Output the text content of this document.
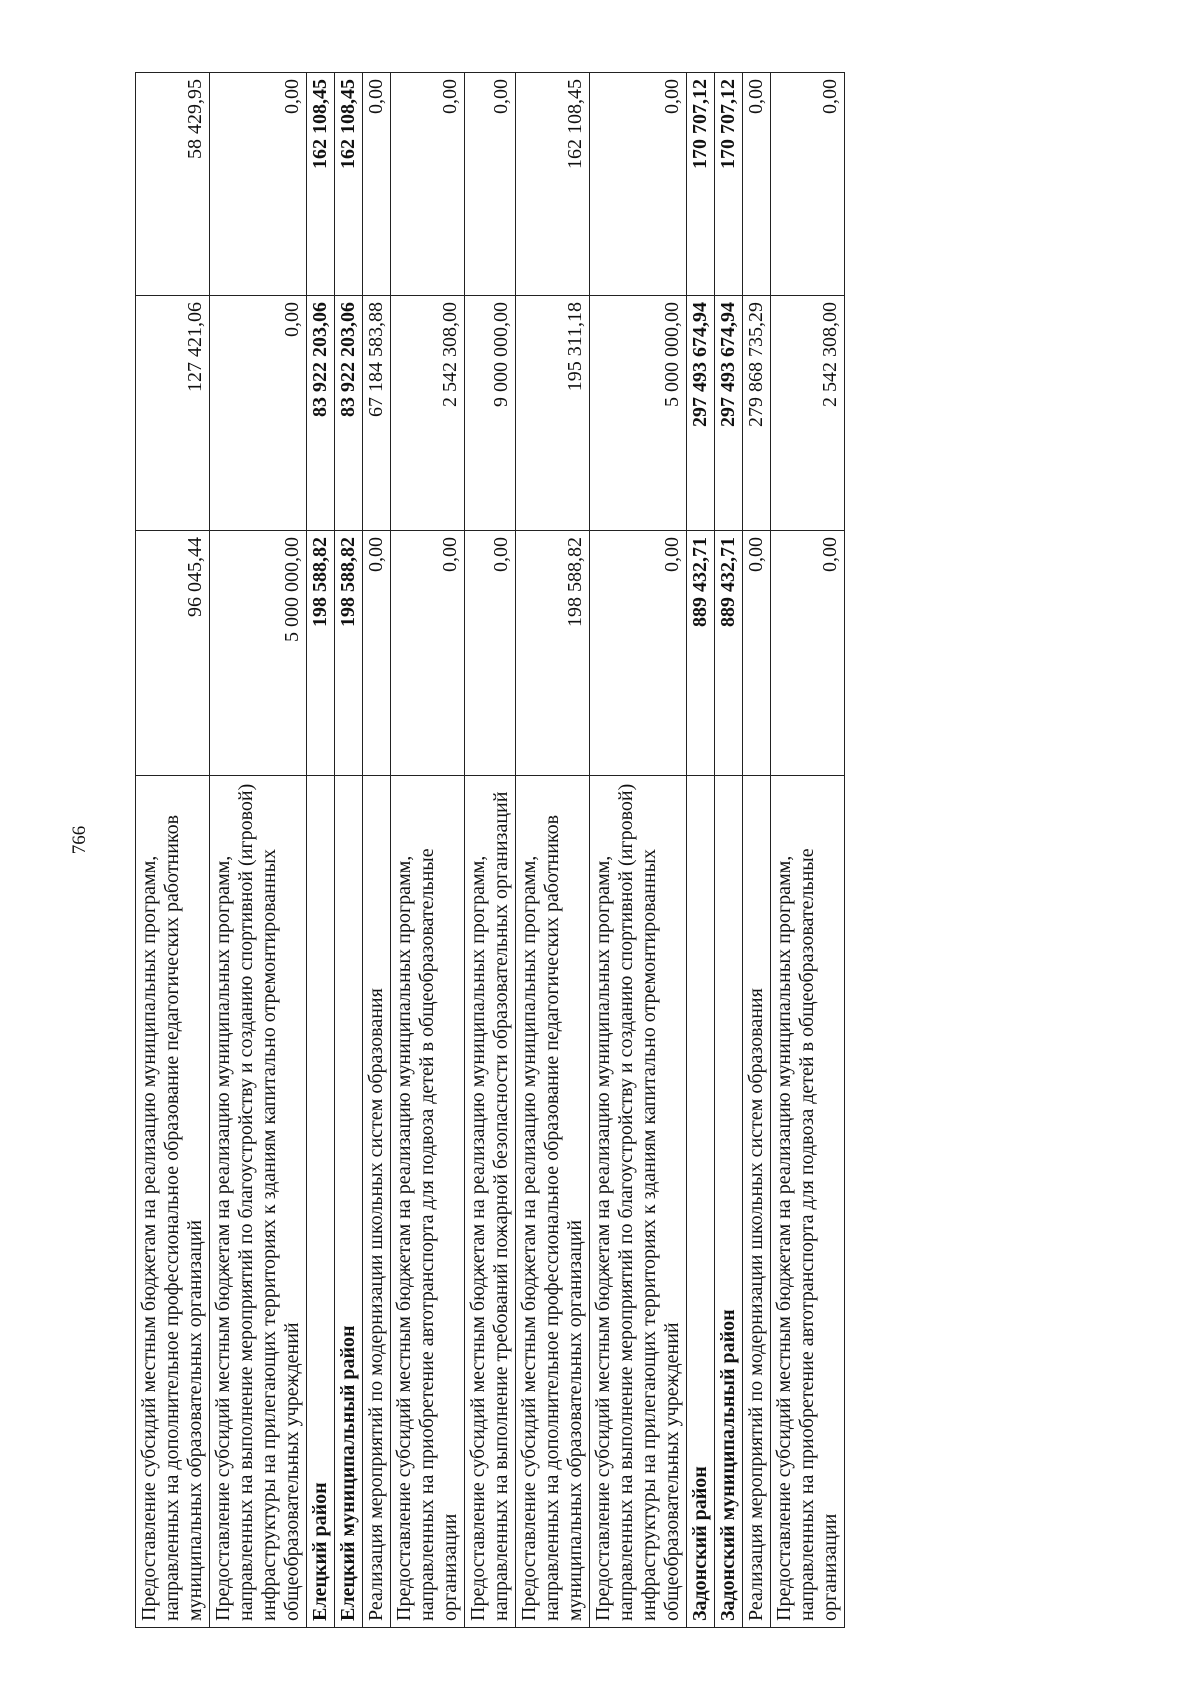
766
Предоставление субсидий местным бюджетам на реализацию муниципальных программ, направленных на дополнительное профессиональное образование педагогических работников муниципальных образовательных организаций	96 045,44	127 421,06	58 429,95
Предоставление субсидий местным бюджетам на реализацию муниципальных программ, направленных на выполнение мероприятий по благоустройству и созданию спортивной (игровой) инфраструктуры на прилегающих территориях к зданиям капитально отремонтированных общеобразовательных учреждений	5 000 000,00	0,00	0,00
Елецкий район	198 588,82	83 922 203,06	162 108,45
Елецкий муниципальный район	198 588,82	83 922 203,06	162 108,45
Реализация мероприятий по модернизации школьных систем образования	0,00	67 184 583,88	0,00
Предоставление субсидий местным бюджетам на реализацию муниципальных программ, направленных на приобретение автотранспорта для подвоза детей в общеобразовательные организации	0,00	2 542 308,00	0,00
Предоставление субсидий местным бюджетам на реализацию муниципальных программ, направленных на выполнение требований пожарной безопасности образовательных организаций	0,00	9 000 000,00	0,00
Предоставление субсидий местным бюджетам на реализацию муниципальных программ, направленных на дополнительное профессиональное образование педагогических работников муниципальных образовательных организаций	198 588,82	195 311,18	162 108,45
Предоставление субсидий местным бюджетам на реализацию муниципальных программ, направленных на выполнение мероприятий по благоустройству и созданию спортивной (игровой) инфраструктуры на прилегающих территориях к зданиям капитально отремонтированных общеобразовательных учреждений	0,00	5 000 000,00	0,00
Задонский район	889 432,71	297 493 674,94	170 707,12
Задонский муниципальный район	889 432,71	297 493 674,94	170 707,12
Реализация мероприятий по модернизации школьных систем образования	0,00	279 868 735,29	0,00
Предоставление субсидий местным бюджетам на реализацию муниципальных программ, направленных на приобретение автотранспорта для подвоза детей в общеобразовательные организации	0,00	2 542 308,00	0,00
